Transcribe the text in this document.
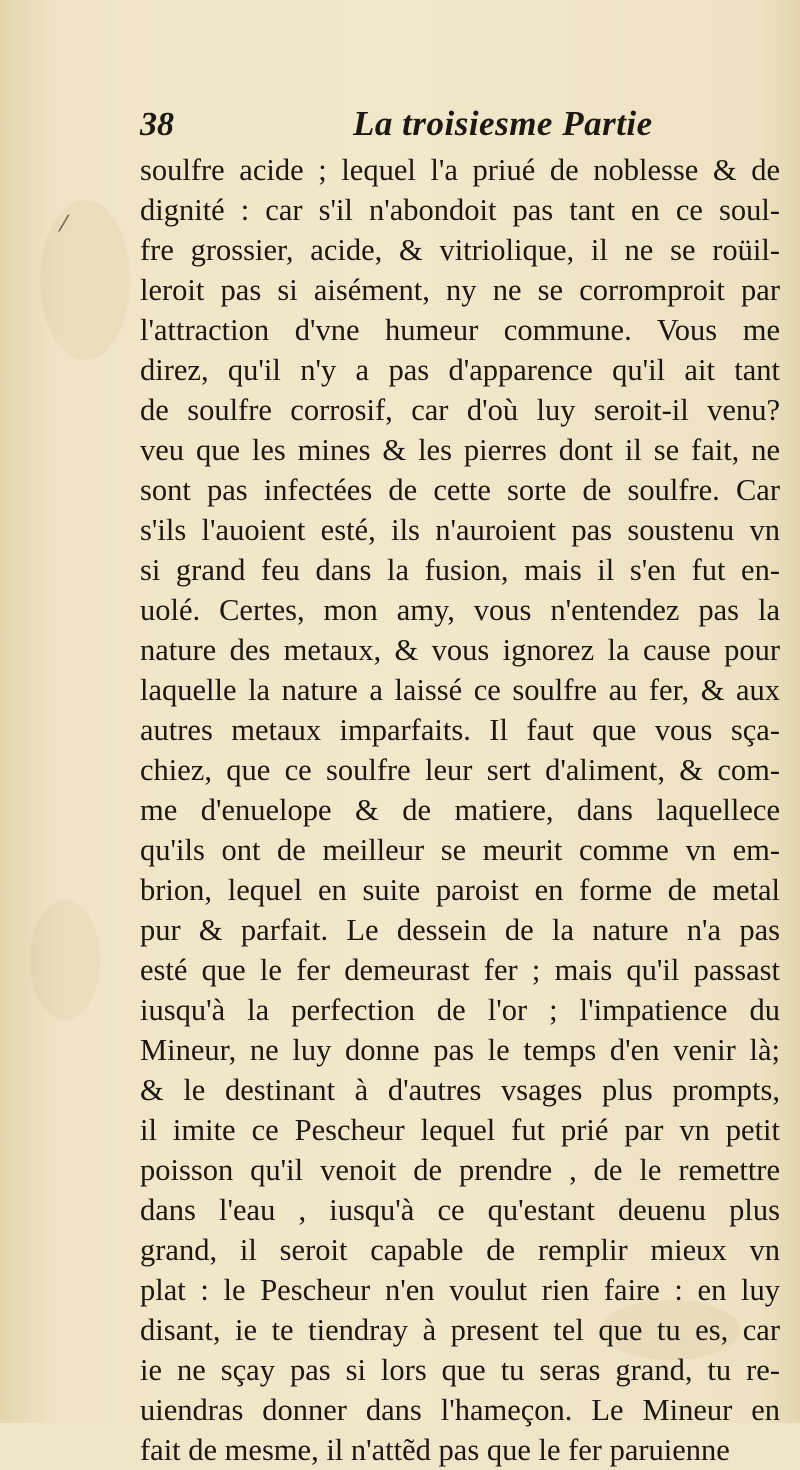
⁄
38	La troisiesme Partie
soulfre acide ; lequel l'a priué de noblesse & de
dignité : car s'il n'abondoit pas tant en ce soul-
fre grossier, acide, & vitriolique, il ne se roüil-
leroit pas si aisément, ny ne se corromproit par
l'attraction d'vne humeur commune. Vous me
direz, qu'il n'y a pas d'apparence qu'il ait tant
de soulfre corrosif, car d'où luy seroit-il venu?
veu que les mines & les pierres dont il se fait, ne
sont pas infectées de cette sorte de soulfre. Car
s'ils l'auoient esté, ils n'auroient pas soustenu vn
si grand feu dans la fusion, mais il s'en fut en-
uolé. Certes, mon amy, vous n'entendez pas la
nature des metaux, & vous ignorez la cause pour
laquelle la nature a laissé ce soulfre au fer, & aux
autres metaux imparfaits. Il faut que vous sça-
chiez, que ce soulfre leur sert d'aliment, & com-
me d'enuelope & de matiere, dans laquellece
qu'ils ont de meilleur se meurit comme vn em-
brion, lequel en suite paroist en forme de metal
pur & parfait. Le dessein de la nature n'a pas
esté que le fer demeurast fer ; mais qu'il passast
iusqu'à la perfection de l'or ; l'impatience du
Mineur, ne luy donne pas le temps d'en venir là;
& le destinant à d'autres vsages plus prompts,
il imite ce Pescheur lequel fut prié par vn petit
poisson qu'il venoit de prendre , de le remettre
dans l'eau , iusqu'à ce qu'estant deuenu plus
grand, il seroit capable de remplir mieux vn
plat : le Pescheur n'en voulut rien faire : en luy
disant, ie te tiendray à present tel que tu es, car
ie ne sçay pas si lors que tu seras grand, tu re-
uiendras donner dans l'hameçon. Le Mineur en
fait de mesme, il n'attẽd pas que le fer paruienne
